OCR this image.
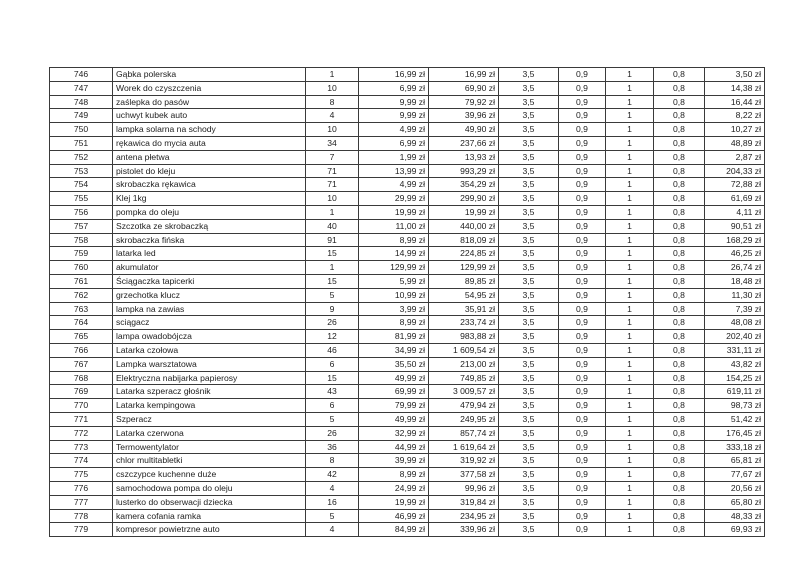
746	Gąbka polerska	1	16,99 zł	16,99 zł	3,5	0,9	1	0,8	3,50 zł
747	Worek do czyszczenia	10	6,99 zł	69,90 zł	3,5	0,9	1	0,8	14,38 zł
748	zaślepka do pasów	8	9,99 zł	79,92 zł	3,5	0,9	1	0,8	16,44 zł
749	uchwyt kubek auto	4	9,99 zł	39,96 zł	3,5	0,9	1	0,8	8,22 zł
750	lampka solarna na schody	10	4,99 zł	49,90 zł	3,5	0,9	1	0,8	10,27 zł
751	rękawica do mycia auta	34	6,99 zł	237,66 zł	3,5	0,9	1	0,8	48,89 zł
752	antena płetwa	7	1,99 zł	13,93 zł	3,5	0,9	1	0,8	2,87 zł
753	pistolet do kleju	71	13,99 zł	993,29 zł	3,5	0,9	1	0,8	204,33 zł
754	skrobaczka rękawica	71	4,99 zł	354,29 zł	3,5	0,9	1	0,8	72,88 zł
755	Klej 1kg	10	29,99 zł	299,90 zł	3,5	0,9	1	0,8	61,69 zł
756	pompka do oleju	1	19,99 zł	19,99 zł	3,5	0,9	1	0,8	4,11 zł
757	Szczotka ze skrobaczką	40	11,00 zł	440,00 zł	3,5	0,9	1	0,8	90,51 zł
758	skrobaczka fińska	91	8,99 zł	818,09 zł	3,5	0,9	1	0,8	168,29 zł
759	latarka led	15	14,99 zł	224,85 zł	3,5	0,9	1	0,8	46,25 zł
760	akumulator	1	129,99 zł	129,99 zł	3,5	0,9	1	0,8	26,74 zł
761	Ściągaczka tapicerki	15	5,99 zł	89,85 zł	3,5	0,9	1	0,8	18,48 zł
762	grzechotka klucz	5	10,99 zł	54,95 zł	3,5	0,9	1	0,8	11,30 zł
763	lampka na zawias	9	3,99 zł	35,91 zł	3,5	0,9	1	0,8	7,39 zł
764	sciągacz	26	8,99 zł	233,74 zł	3,5	0,9	1	0,8	48,08 zł
765	lampa owadobójcza	12	81,99 zł	983,88 zł	3,5	0,9	1	0,8	202,40 zł
766	Latarka czołowa	46	34,99 zł	1 609,54 zł	3,5	0,9	1	0,8	331,11 zł
767	Lampka warsztatowa	6	35,50 zł	213,00 zł	3,5	0,9	1	0,8	43,82 zł
768	Elektryczna nabijarka papierosy	15	49,99 zł	749,85 zł	3,5	0,9	1	0,8	154,25 zł
769	Latarka szperacz głośnik	43	69,99 zł	3 009,57 zł	3,5	0,9	1	0,8	619,11 zł
770	Latarka kempingowa	6	79,99 zł	479,94 zł	3,5	0,9	1	0,8	98,73 zł
771	Szperacz	5	49,99 zł	249,95 zł	3,5	0,9	1	0,8	51,42 zł
772	Latarka czerwona	26	32,99 zł	857,74 zł	3,5	0,9	1	0,8	176,45 zł
773	Termowentylator	36	44,99 zł	1 619,64 zł	3,5	0,9	1	0,8	333,18 zł
774	chlor multitabletki	8	39,99 zł	319,92 zł	3,5	0,9	1	0,8	65,81 zł
775	cszczypce kuchenne duże	42	8,99 zł	377,58 zł	3,5	0,9	1	0,8	77,67 zł
776	samochodowa pompa do oleju	4	24,99 zł	99,96 zł	3,5	0,9	1	0,8	20,56 zł
777	lusterko do obserwacji dziecka	16	19,99 zł	319,84 zł	3,5	0,9	1	0,8	65,80 zł
778	kamera cofania ramka	5	46,99 zł	234,95 zł	3,5	0,9	1	0,8	48,33 zł
779	kompresor powietrzne auto	4	84,99 zł	339,96 zł	3,5	0,9	1	0,8	69,93 zł
